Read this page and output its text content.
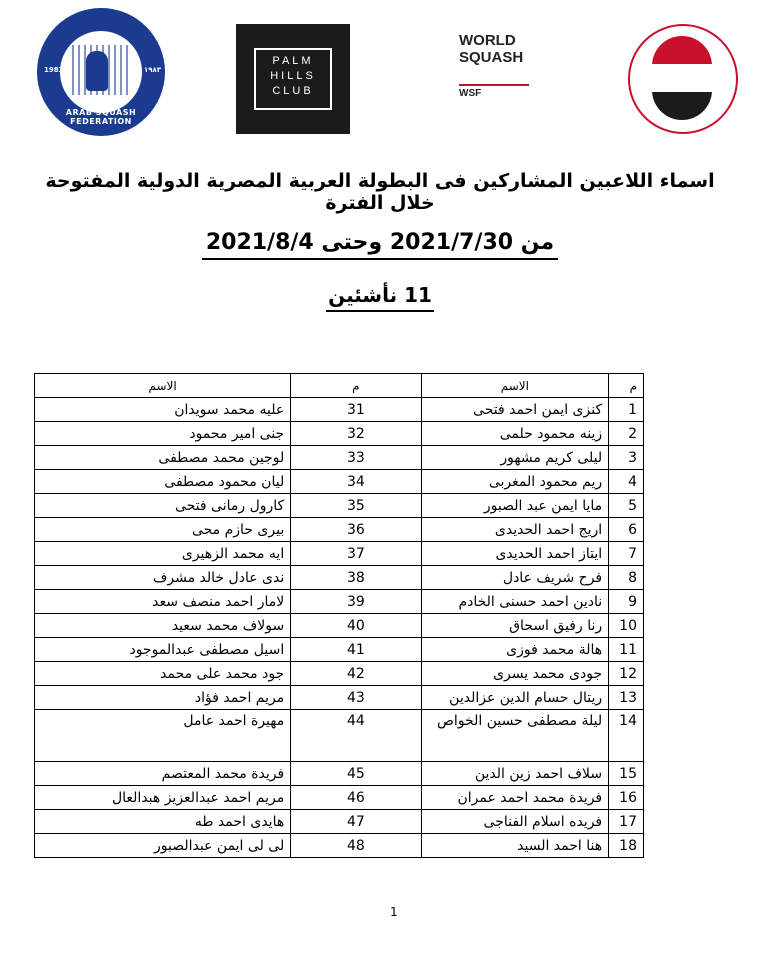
1983	١٩٨٣
ARAB SQUASH FEDERATION
PALM
HILLS
CLUB
WORLD
SQUASH
WSF
ESF
اسماء اللاعبين المشاركين فى البطولة العربية المصرية الدولية المفتوحة خلال الفترة
من 2021/7/30 وحتى 2021/8/4
11 نأشئين
م	الاسم	م	الاسم
1	كنزى ايمن احمد فتحى	31	عليه محمد سويدان
2	زينه محمود حلمى	32	جنى امير محمود
3	ليلى كريم مشهور	33	لوجين محمد مصطفى
4	ريم محمود المغربى	34	ليان محمود مصطفى
5	مايا ايمن عبد الصبور	35	كارول رمانى فتحى
6	اريج احمد الحديدى	36	بيرى حازم محى
7	ايتاز احمد الحديدى	37	ايه محمد الزهيرى
8	فرح شريف عادل	38	ندى عادل خالد مشرف
9	نادين احمد حسنى الخادم	39	لامار احمد منصف سعد
10	رنا رفيق اسحاق	40	سولاف محمد سعيد
11	هالة محمد فوزى	41	اسيل مصطفى عبدالموجود
12	جودى محمد يسرى	42	جود محمد على محمد
13	ريتال حسام الدين عزالدين	43	مريم احمد فؤاد
14	ليلة مصطفى حسين الخواص	44	مهيرة احمد عامل
15	سلاف احمد زين الدين	45	فريدة محمد المعتصم
16	فريدة محمد احمد عمران	46	مريم احمد عبدالعزيز هبدالعال
17	فريده اسلام الفناجى	47	هايدى احمد طه
18	هنا احمد السيد	48	لى لى ايمن عبدالصبور
1
